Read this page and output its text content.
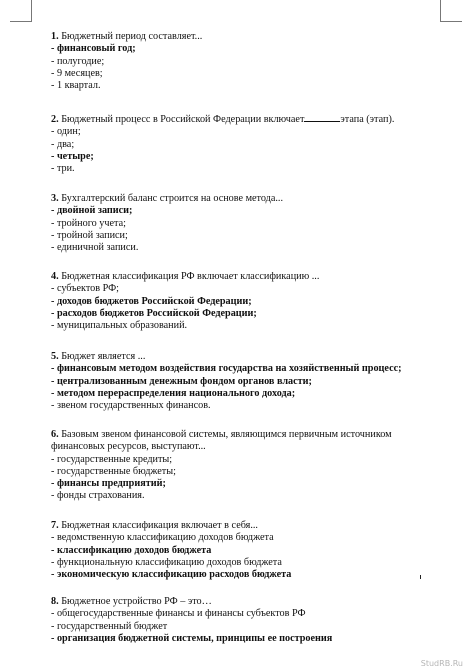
1. Бюджетный период составляет...
- финансовый год;
- полугодие;
- 9 месяцев;
- 1 квартал.
2. Бюджетный процесс в Российской Федерации включает	этапа (этап).
- один;
- два;
- четыре;
- три.
3. Бухгалтерский баланс строится на основе метода...
- двойной записи;
- тройного учета;
- тройной записи;
- единичной записи.
4. Бюджетная классификация РФ включает классификацию ...
- субъектов РФ;
- доходов бюджетов Российской Федерации;
- расходов бюджетов Российской Федерации;
- муниципальных образований.
5. Бюджет является ...
- финансовым методом воздействия государства на хозяйственный процесс;
- централизованным денежным фондом органов власти;
- методом перераспределения национального дохода;
- звеном государственных финансов.
6. Базовым звеном финансовой системы, являющимся первичным источником финансовых ресурсов, выступают...
- государственные кредиты;
- государственные бюджеты;
- финансы предприятий;
- фонды страхования.
7. Бюджетная классификация включает в себя...
- ведомственную классификацию доходов бюджета
- классификацию доходов бюджета
- функциональную классификацию доходов бюджета
- экономическую классификацию расходов бюджета
8. Бюджетное устройство РФ – это…
- общегосударственные финансы и финансы субъектов РФ
- государственный бюджет
- организация бюджетной системы, принципы ее построения
StudRB.Ru
